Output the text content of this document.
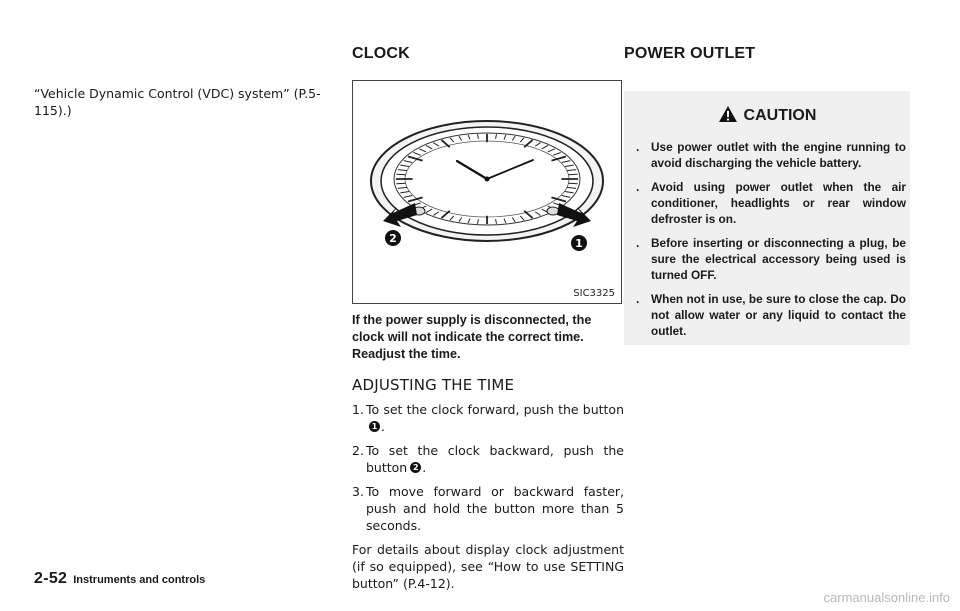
“Vehicle Dynamic Control (VDC) system” (P.5-115).)
CLOCK	POWER OUTLET
2	1
SIC3325

If the power supply is disconnected, the clock will not indicate the correct time. Readjust the time.

ADJUSTING THE TIME
1. To set the clock forward, push the button1 .
2. To set the clock backward, push the button 2 .
3. To move forward or backward faster, push and hold the button more than 5 seconds.

For details about display clock adjustment (if so equipped), see “How to use SETTING button” (P.4-12).

CAUTION
. Use power outlet with the engine running to avoid discharging the vehicle battery.
. Avoid using power outlet when the air conditioner, headlights or rear window defroster is on.
. Before inserting or disconnecting a plug, be sure the electrical accessory being used is turned OFF.
. When not in use, be sure to close the cap. Do not allow water or any liquid to contact the outlet.
2-52 Instruments and controls
carmanualsonline.info
